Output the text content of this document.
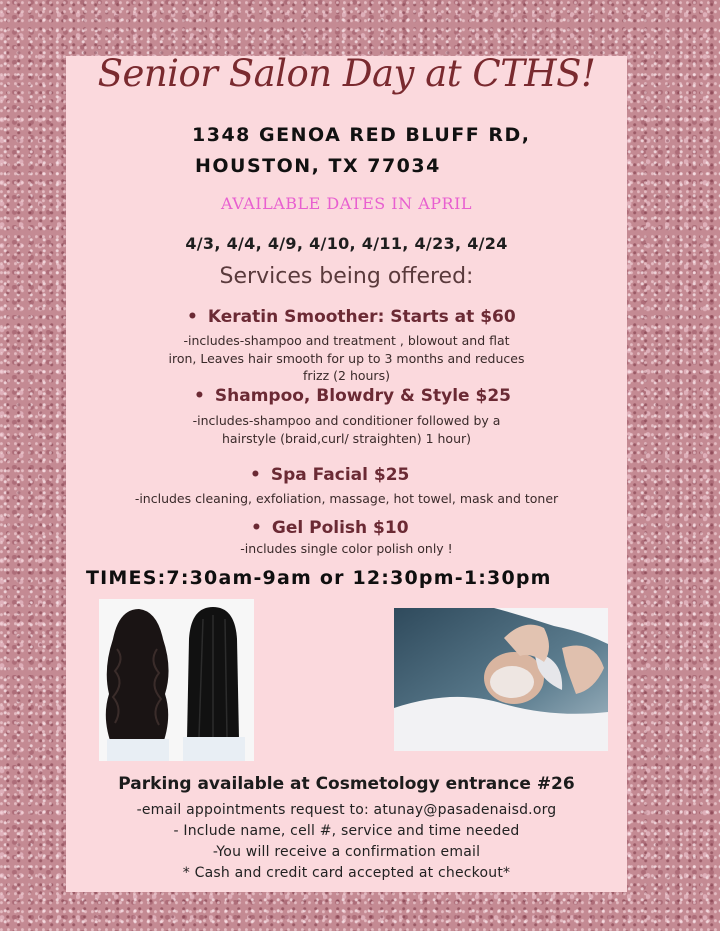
Senior Salon Day at CTHS!
1348 GENOA RED BLUFF RD,
HOUSTON, TX 77034
AVAILABLE DATES IN APRIL
4/3, 4/4, 4/9, 4/10, 4/11, 4/23, 4/24
Services being offered:
• Keratin Smoother: Starts at $60
-includes-shampoo and treatment , blowout and flat
iron, Leaves hair smooth for up to 3 months and reduces
frizz (2 hours)
• Shampoo, Blowdry & Style $25
-includes-shampoo and conditioner followed by a
hairstyle (braid,curl/ straighten) 1 hour)
• Spa Facial $25
-includes cleaning, exfoliation, massage, hot towel, mask and toner
• Gel Polish $10
-includes single color polish only !
TIMES:7:30am-9am or 12:30pm-1:30pm
Parking available at Cosmetology entrance #26
-email appointments request to: atunay@pasadenaisd.org
- Include name, cell #, service and time needed
-You will receive a confirmation email
* Cash and credit card accepted at checkout*
